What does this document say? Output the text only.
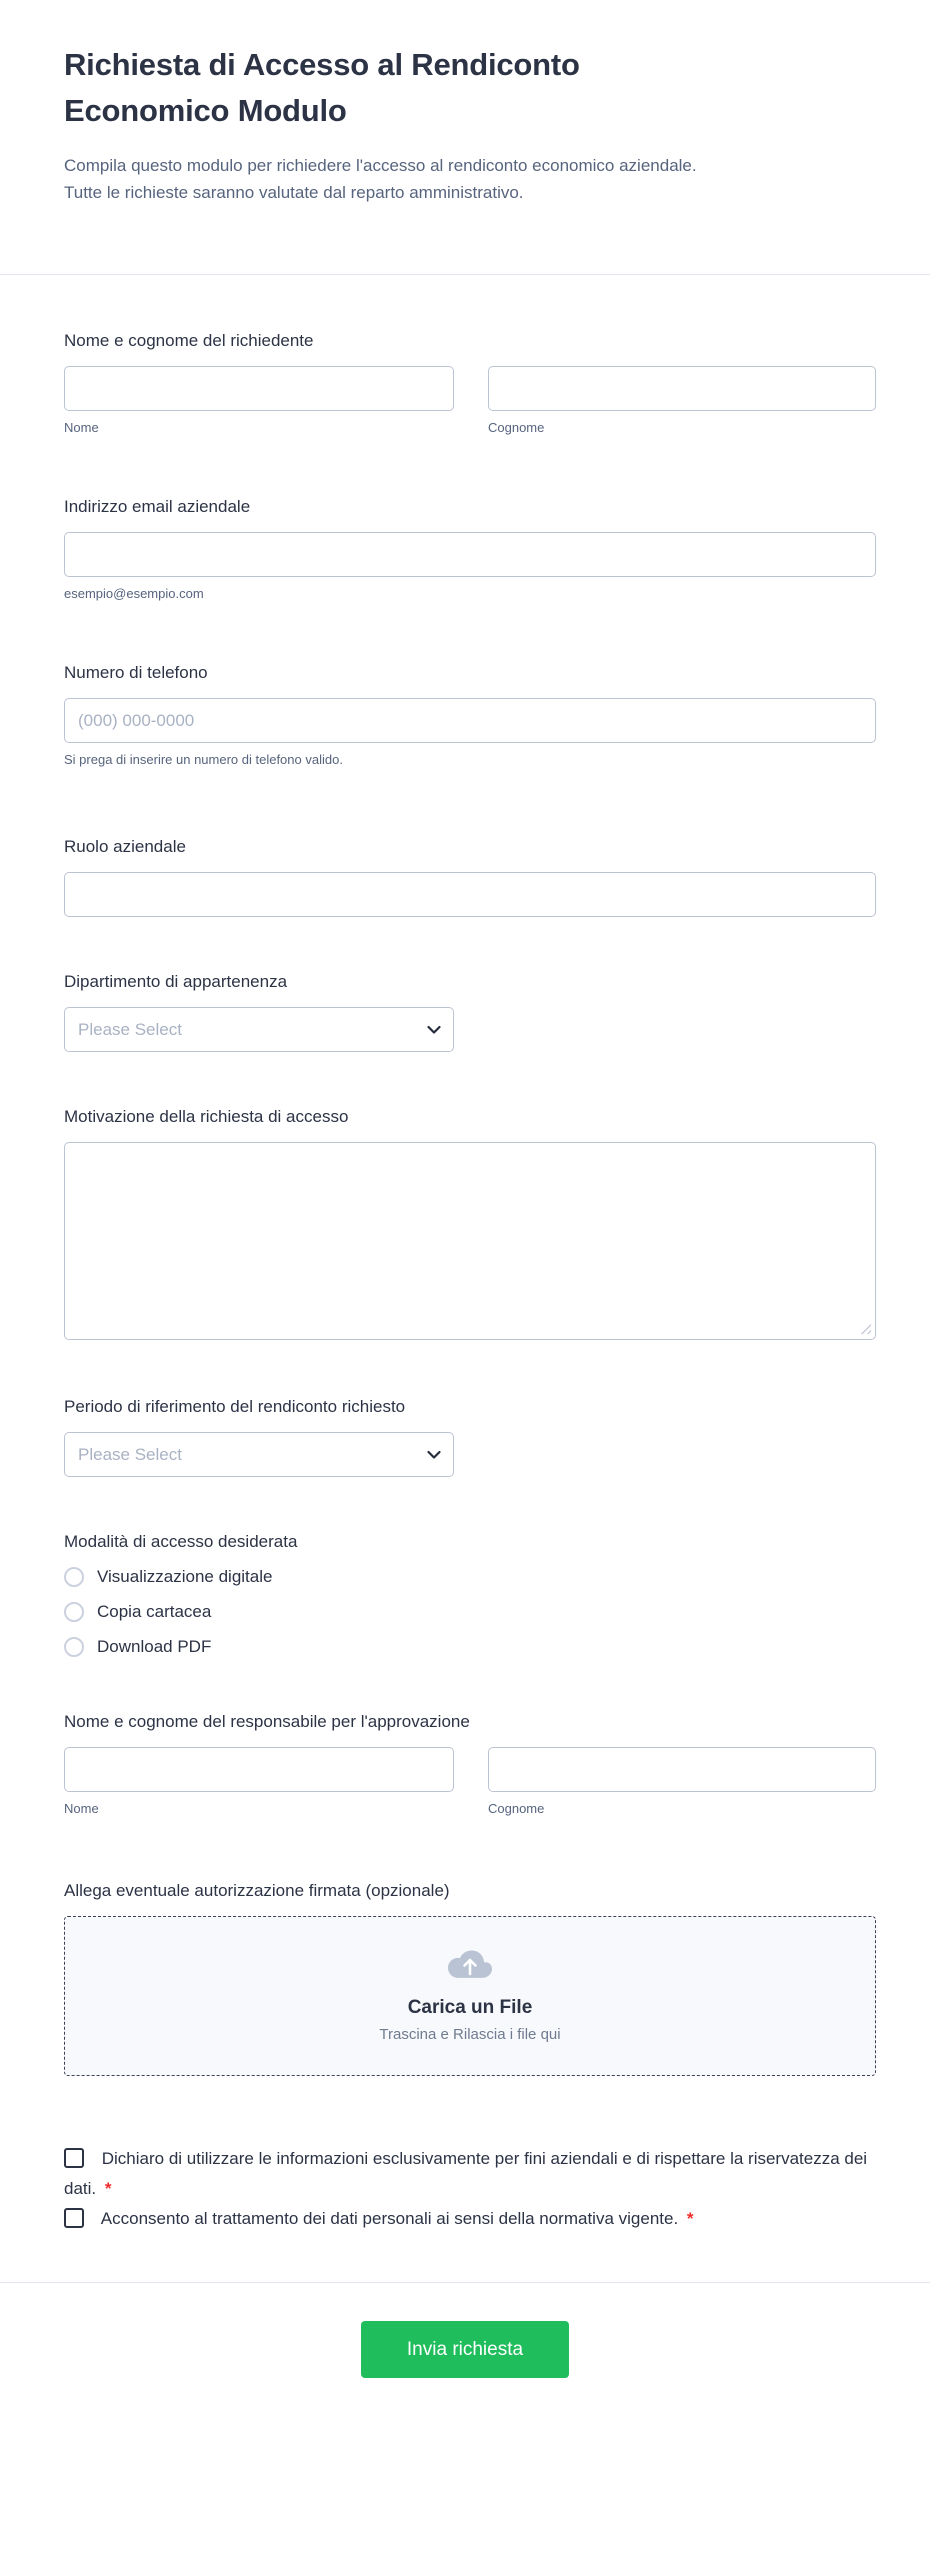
Richiesta di Accesso al Rendiconto
Economico Modulo
Compila questo modulo per richiedere l'accesso al rendiconto economico aziendale.
Tutte le richieste saranno valutate dal reparto amministrativo.
Nome e cognome del richiedente
Nome	Cognome
Indirizzo email aziendale
esempio@esempio.com
Numero di telefono
(000) 000-0000
Si prega di inserire un numero di telefono valido.
Ruolo aziendale
Dipartimento di appartenenza
Please Select
Motivazione della richiesta di accesso
Periodo di riferimento del rendiconto richiesto
Please Select
Modalità di accesso desiderata
Visualizzazione digitale
Copia cartacea
Download PDF
Nome e cognome del responsabile per l'approvazione
Nome	Cognome
Allega eventuale autorizzazione firmata (opzionale)
Carica un File
Trascina e Rilascia i file qui
Dichiaro di utilizzare le informazioni esclusivamente per fini aziendali e di rispettare la riservatezza dei dati. *
Acconsento al trattamento dei dati personali ai sensi della normativa vigente. *
Invia richiesta
